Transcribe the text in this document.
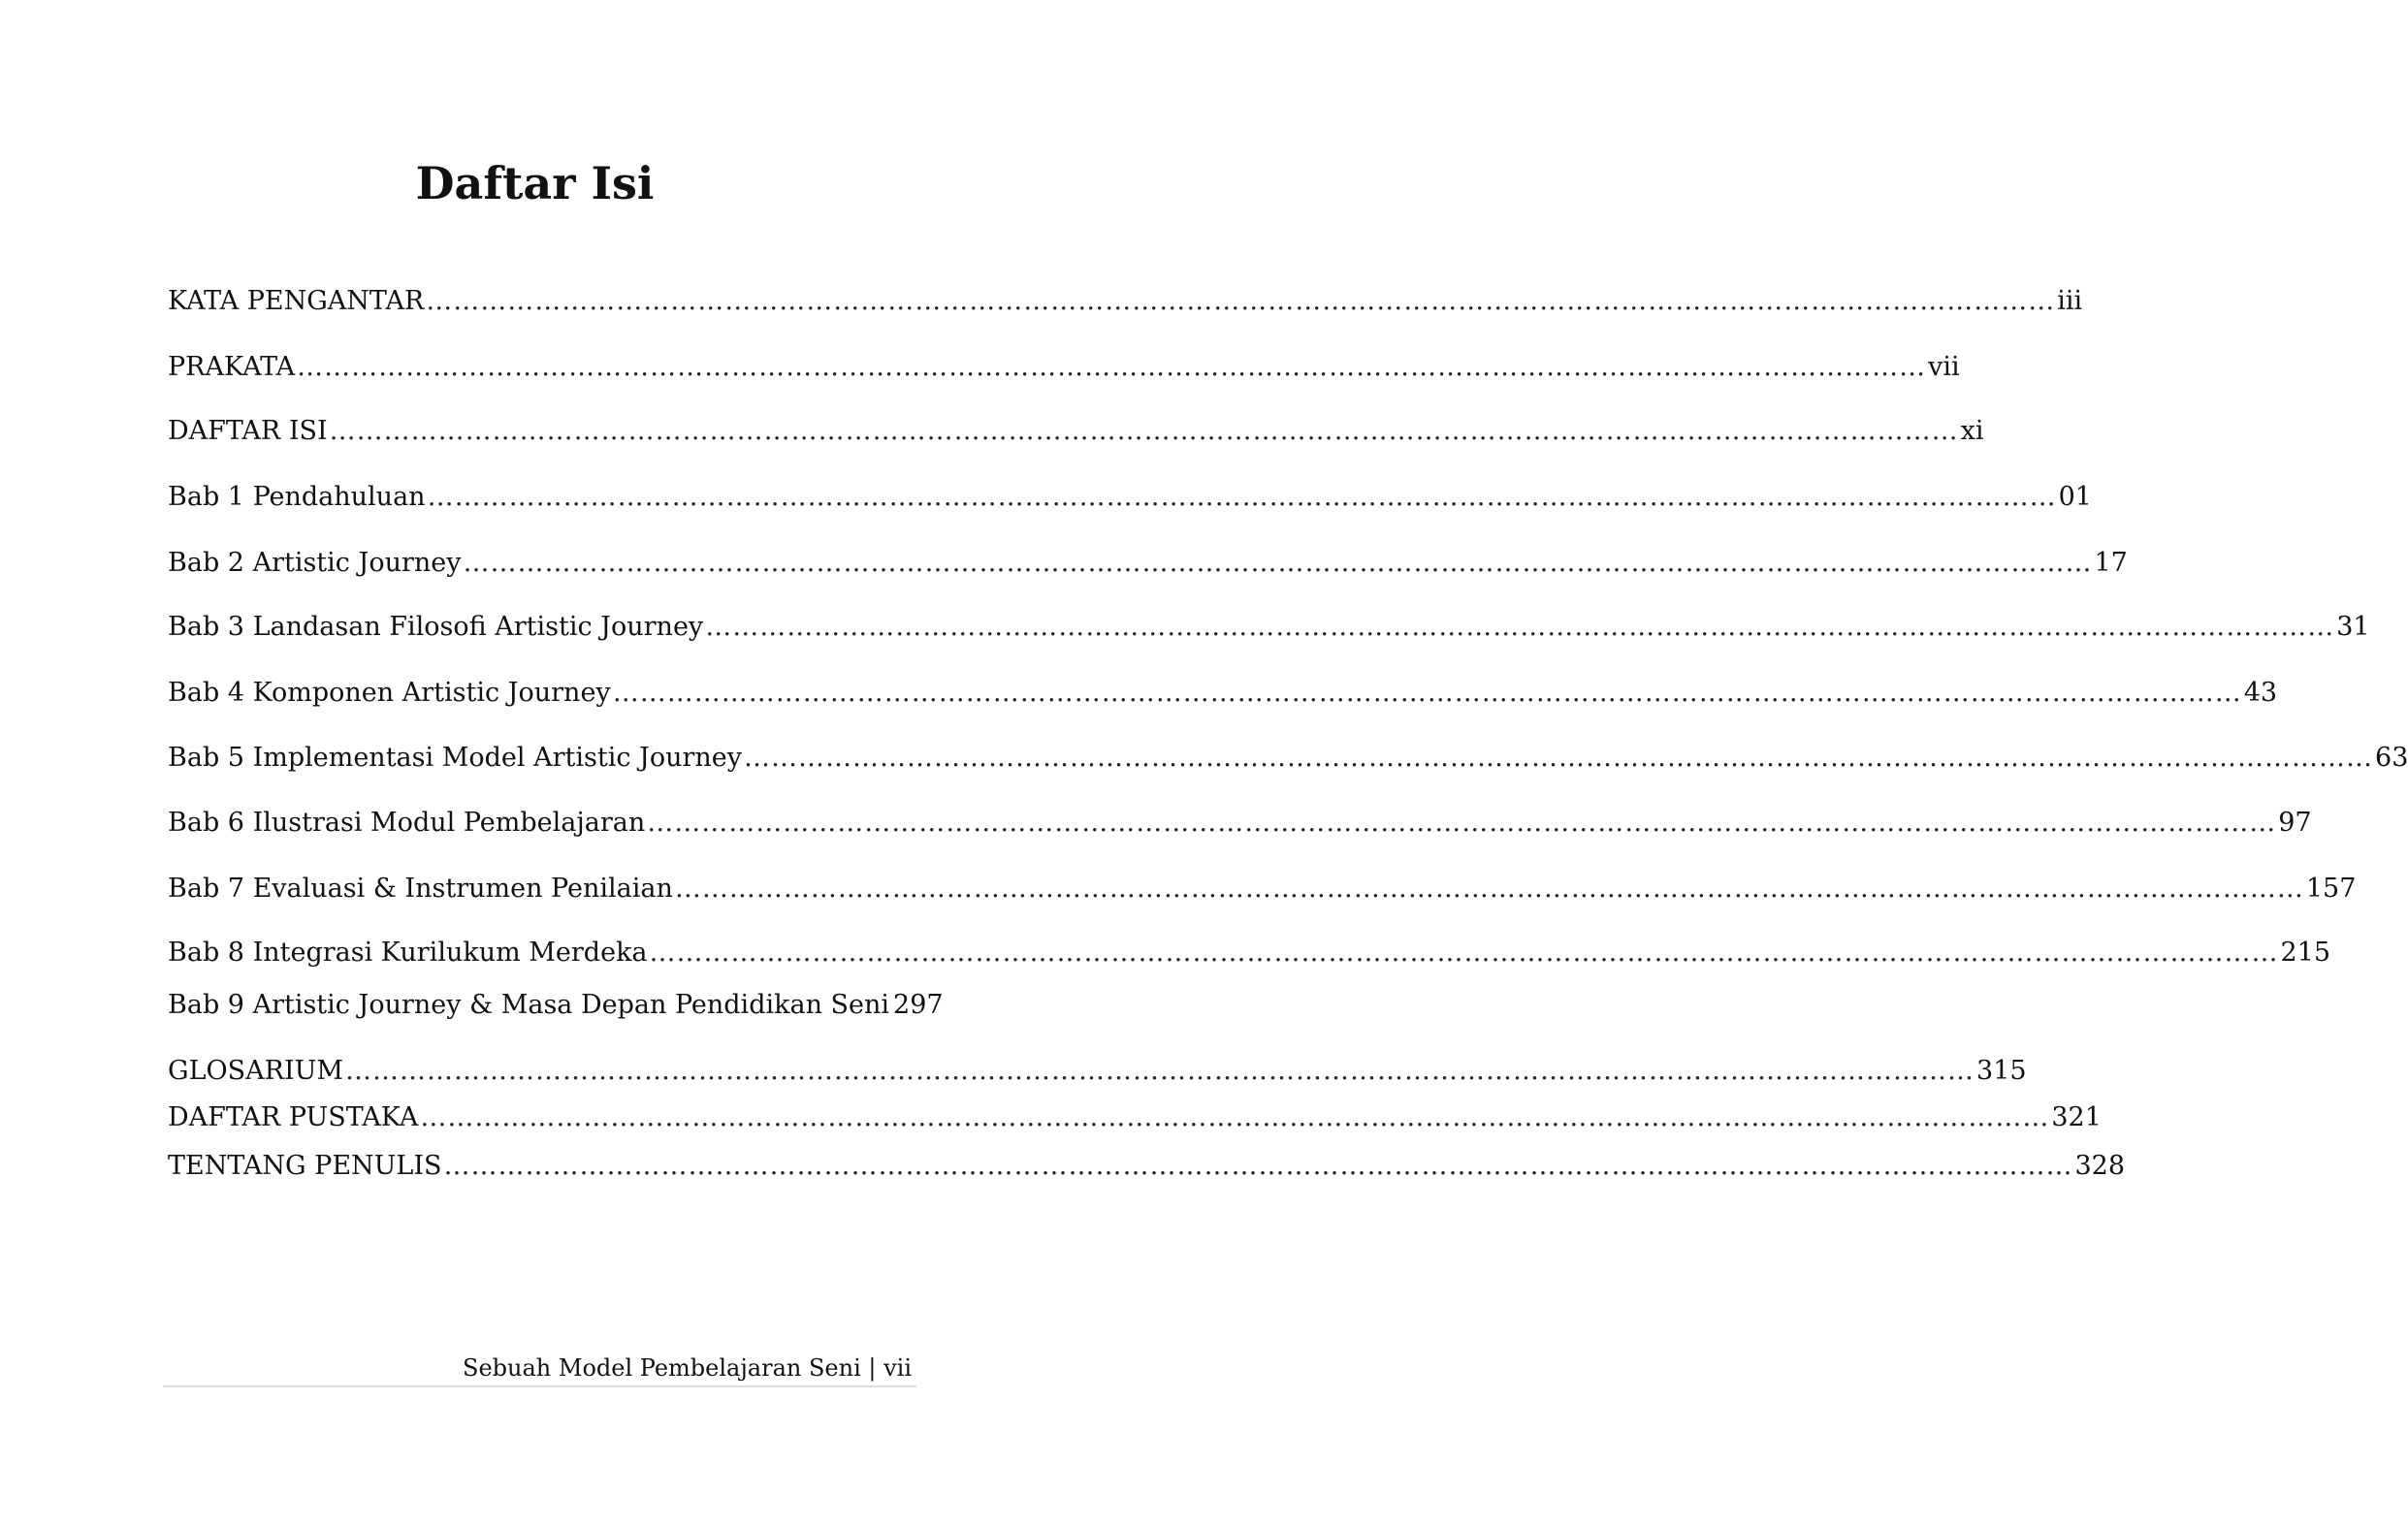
Daftar Isi
KATA PENGANTAR ………………………………………………………………………………………………………………………………………………………………	iii
PRAKATA ………………………………………………………………………………………………………………………………………………………………	vii
DAFTAR ISI ………………………………………………………………………………………………………………………………………………………………	xi
Bab 1 Pendahuluan ………………………………………………………………………………………………………………………………………………………………	01
Bab 2 Artistic Journey ………………………………………………………………………………………………………………………………………………………………	17
Bab 3 Landasan Filosofi Artistic Journey ………………………………………………………………………………………………………………………………………………………………	31
Bab 4 Komponen Artistic Journey ………………………………………………………………………………………………………………………………………………………………	43
Bab 5 Implementasi Model Artistic Journey ………………………………………………………………………………………………………………………………………………………………	63
Bab 6 Ilustrasi Modul Pembelajaran ………………………………………………………………………………………………………………………………………………………………	97
Bab 7 Evaluasi & Instrumen Penilaian ………………………………………………………………………………………………………………………………………………………………	157
Bab 8 Integrasi Kurilukum Merdeka ………………………………………………………………………………………………………………………………………………………………	215
Bab 9 Artistic Journey & Masa Depan Pendidikan Seni 297
GLOSARIUM ………………………………………………………………………………………………………………………………………………………………	315
DAFTAR PUSTAKA ………………………………………………………………………………………………………………………………………………………………	321
TENTANG PENULIS ………………………………………………………………………………………………………………………………………………………………	328
Sebuah Model Pembelajaran Seni | vii
